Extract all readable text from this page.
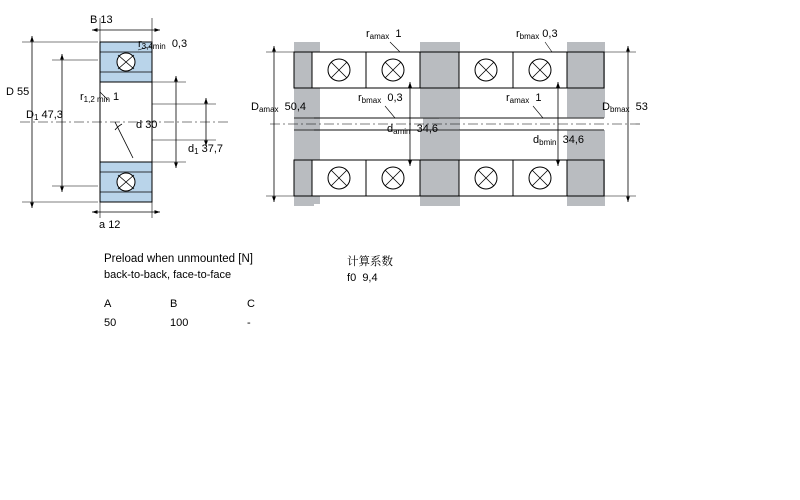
B 13
$r_{3,4min}$ 0,3
D 55
$D_1$ 47,3
$r_{1,2 min}$ 1
d 30
$d_1$ 37,7
a 12
$r_{amax}$ 1	$r_{bmax}$ 0,3
$D_{amax}$ 50,4
$r_{bmax}$ 0,3	$r_{amax}$ 1
$d_{amin}$ 34,6
$D_{bmax}$ 53
$d_{bmin}$ 34,6
Preload when unmounted [N]
back-to-back, face-to-face
A	B	C
50	100	-
计算系数
f0 9,4
